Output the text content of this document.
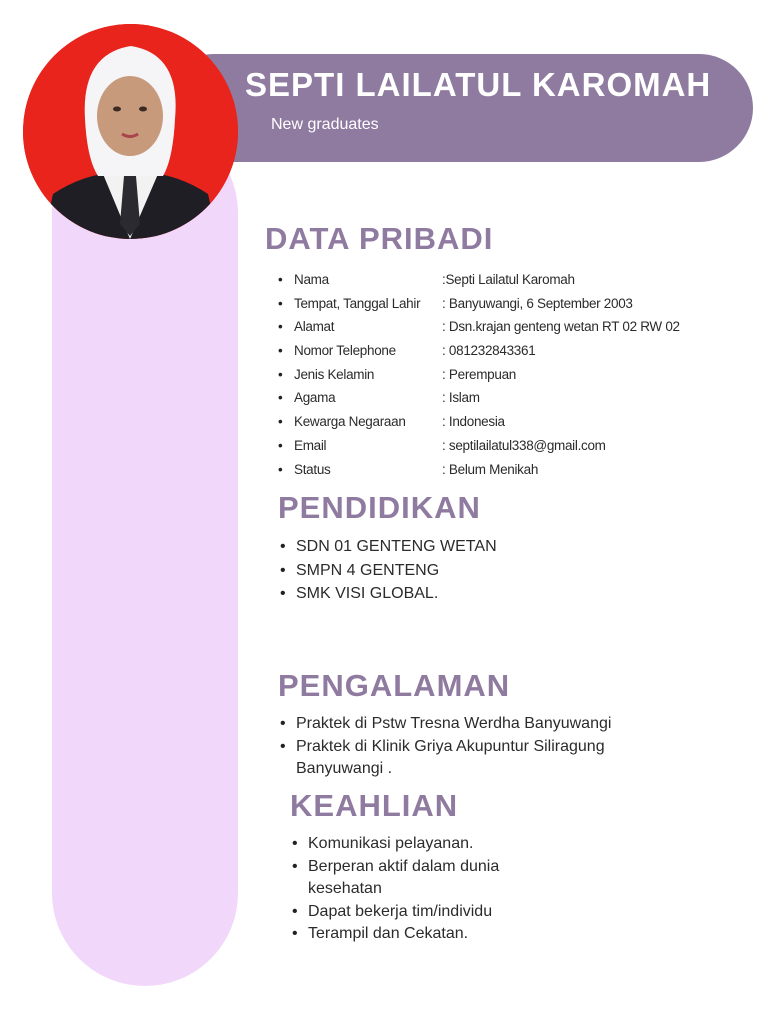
SEPTI LAILATUL KAROMAH
New graduates
DATA PRIBADI
• Nama	:Septi Lailatul Karomah
• Tempat, Tanggal Lahir : Banyuwangi, 6 September 2003
• Alamat	: Dsn.krajan genteng wetan RT 02 RW 02
• Nomor Telephone	: 081232843361
• Jenis Kelamin	: Perempuan
• Agama	: Islam
• Kewarga Negaraan	: Indonesia
• Email	: septilailatul338@gmail.com
• Status	: Belum Menikah
PENDIDIKAN
• SDN 01 GENTENG WETAN
• SMPN 4 GENTENG
• SMK VISI GLOBAL.
PENGALAMAN
• Praktek di Pstw Tresna Werdha Banyuwangi
• Praktek di Klinik Griya Akupuntur Siliragung Banyuwangi .
KEAHLIAN
• Komunikasi pelayanan.
• Berperan aktif dalam dunia kesehatan
• Dapat bekerja tim/individu
• Terampil dan Cekatan.
